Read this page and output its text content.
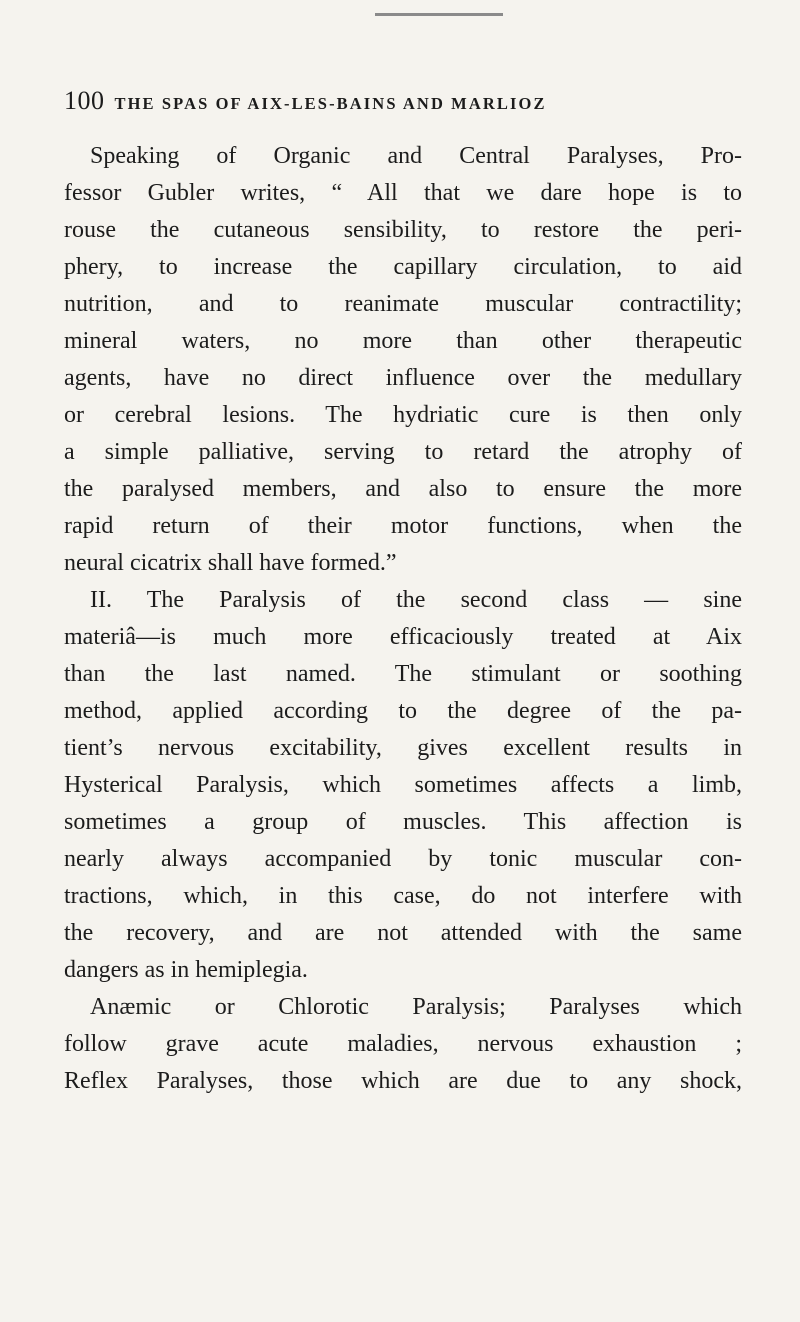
100 THE SPAS OF AIX-LES-BAINS AND MARLIOZ
Speaking of Organic and Central Paralyses, Pro-
fessor Gubler writes, “ All that we dare hope is to
rouse the cutaneous sensibility, to restore the peri-
phery, to increase the capillary circulation, to aid
nutrition, and to reanimate muscular contractility;
mineral waters, no more than other therapeutic
agents, have no direct influence over the medullary
or cerebral lesions. The hydriatic cure is then only
a simple palliative, serving to retard the atrophy of
the paralysed members, and also to ensure the more
rapid return of their motor functions, when the
neural cicatrix shall have formed.”
II. The Paralysis of the second class — sine
materiâ—is much more efficaciously treated at Aix
than the last named. The stimulant or soothing
method, applied according to the degree of the pa-
tient’s nervous excitability, gives excellent results in
Hysterical Paralysis, which sometimes affects a limb,
sometimes a group of muscles. This affection is
nearly always accompanied by tonic muscular con-
tractions, which, in this case, do not interfere with
the recovery, and are not attended with the same
dangers as in hemiplegia.
Anæmic or Chlorotic Paralysis; Paralyses which
follow grave acute maladies, nervous exhaustion ;
Reflex Paralyses, those which are due to any shock,
